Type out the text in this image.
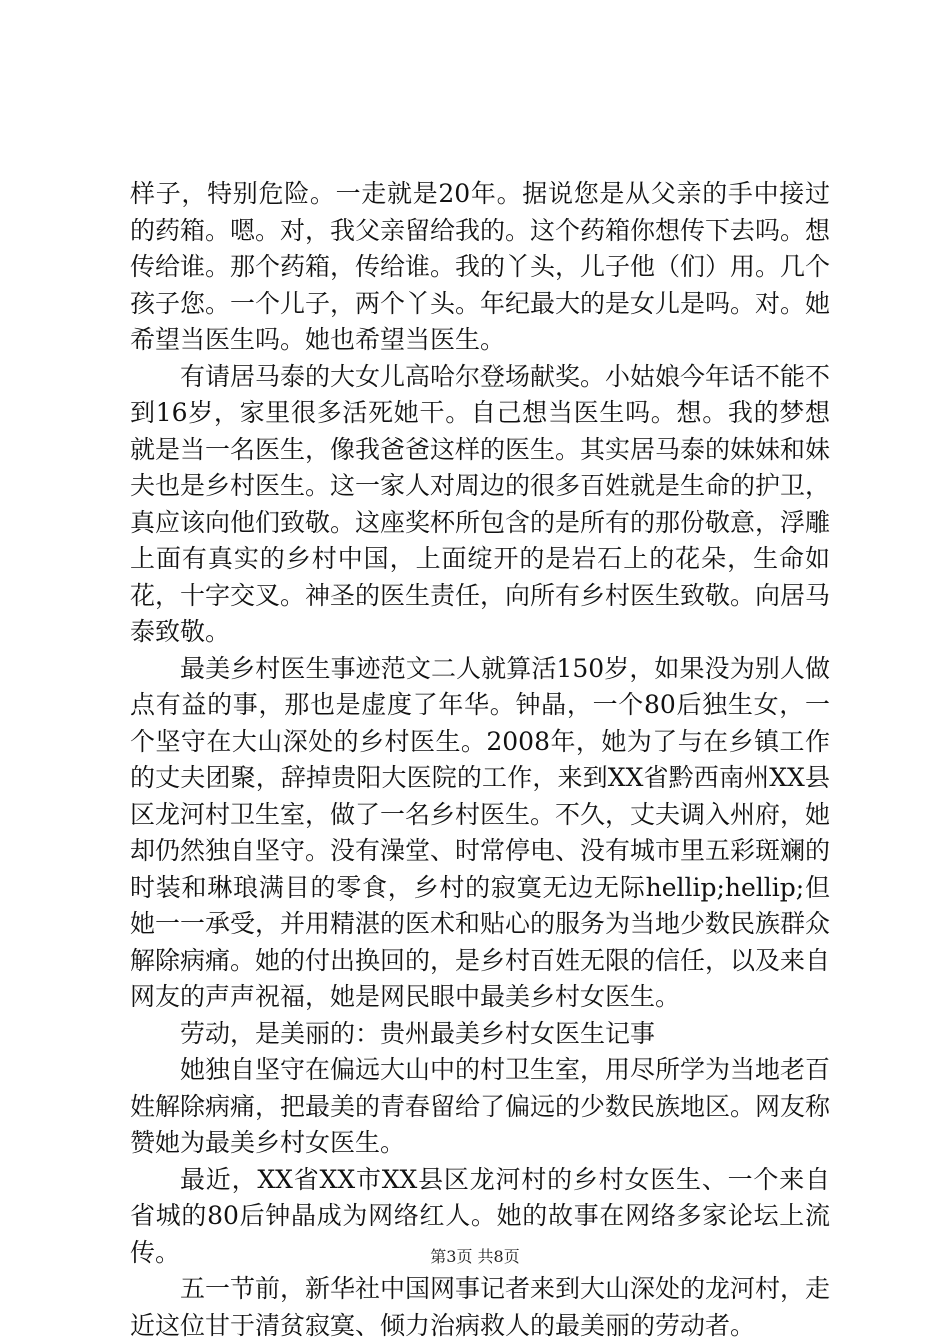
样子，特别危险。一走就是20年。据说您是从父亲的手中接过的药箱。嗯。对，我父亲留给我的。这个药箱你想传下去吗。想传给谁。那个药箱，传给谁。我的丫头，儿子他（们）用。几个孩子您。一个儿子，两个丫头。年纪最大的是女儿是吗。对。她希望当医生吗。她也希望当医生。

有请居马泰的大女儿高哈尔登场献奖。小姑娘今年话不能不到16岁，家里很多活死她干。自己想当医生吗。想。我的梦想就是当一名医生，像我爸爸这样的医生。其实居马泰的妹妹和妹夫也是乡村医生。这一家人对周边的很多百姓就是生命的护卫，真应该向他们致敬。这座奖杯所包含的是所有的那份敬意，浮雕上面有真实的乡村中国，上面绽开的是岩石上的花朵，生命如花，十字交叉。神圣的医生责任，向所有乡村医生致敬。向居马泰致敬。

最美乡村医生事迹范文二人就算活150岁，如果没为别人做点有益的事，那也是虚度了年华。钟晶，一个80后独生女，一个坚守在大山深处的乡村医生。2008年，她为了与在乡镇工作的丈夫团聚，辞掉贵阳大医院的工作，来到XX省黔西南州XX县区龙河村卫生室，做了一名乡村医生。不久，丈夫调入州府，她却仍然独自坚守。没有澡堂、时常停电、没有城市里五彩斑斓的时装和琳琅满目的零食，乡村的寂寞无边无际hellip;hellip;但她一一承受，并用精湛的医术和贴心的服务为当地少数民族群众解除病痛。她的付出换回的，是乡村百姓无限的信任，以及来自网友的声声祝福，她是网民眼中最美乡村女医生。

劳动，是美丽的：贵州最美乡村女医生记事

她独自坚守在偏远大山中的村卫生室，用尽所学为当地老百姓解除病痛，把最美的青春留给了偏远的少数民族地区。网友称赞她为最美乡村女医生。

最近，XX省XX市XX县区龙河村的乡村女医生、一个来自省城的80后钟晶成为网络红人。她的故事在网络多家论坛上流传。

五一节前，新华社中国网事记者来到大山深处的龙河村，走近这位甘于清贫寂寞、倾力治病救人的最美丽的劳动者。

第3页 共8页
